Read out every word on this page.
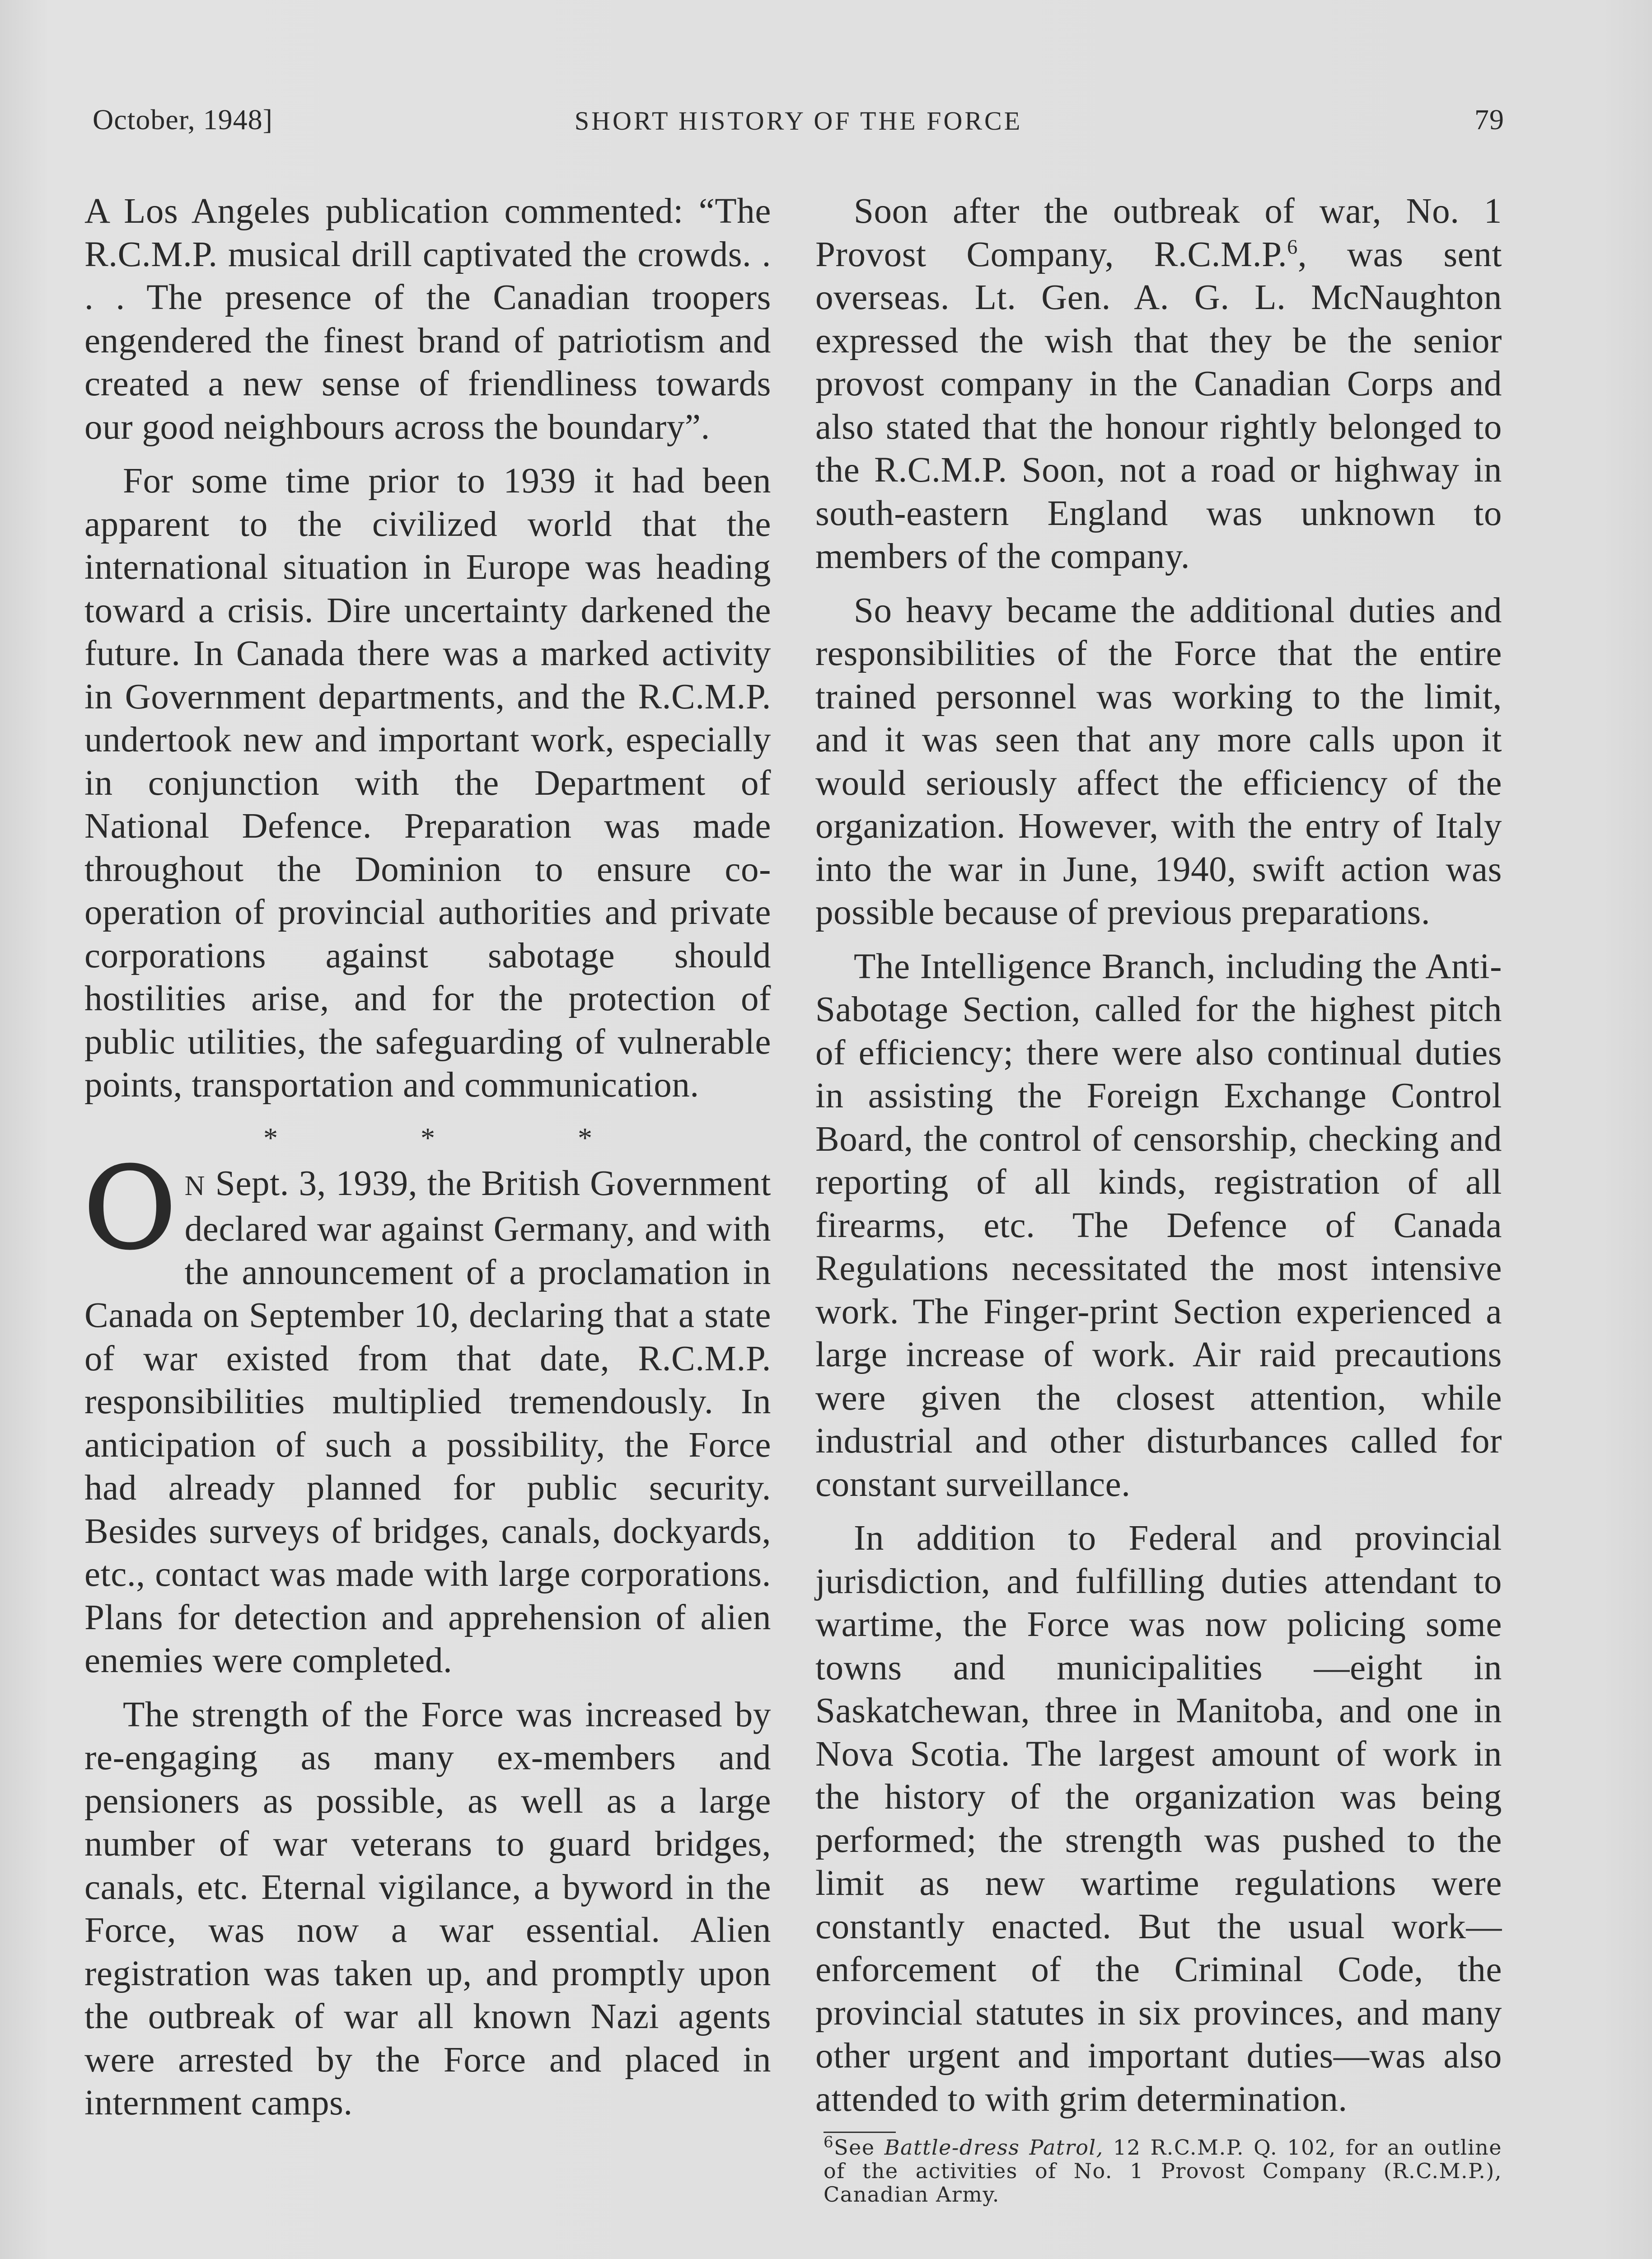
October, 1948]	SHORT HISTORY OF THE FORCE	79

A Los Angeles publication commented: “The R.C.M.P. musical drill captivated the crowds. . . . The presence of the Canadian troopers engendered the finest brand of patriotism and created a new sense of friendliness towards our good neighbours across the boundary”.

For some time prior to 1939 it had been apparent to the civilized world that the international situation in Europe was heading toward a crisis. Dire uncertainty darkened the future. In Canada there was a marked activity in Government departments, and the R.C.M.P. undertook new and important work, especially in conjunction with the Department of National Defence. Preparation was made throughout the Dominion to ensure co-operation of provincial authorities and private corporations against sabotage should hostilities arise, and for the protection of public utilities, the safeguarding of vulnerable points, transportation and communication.

* * *

O N Sept. 3, 1939, the British Government declared war against Germany, and with the announcement of a proclamation in Canada on September 10, declaring that a state of war existed from that date, R.C.M.P. responsibilities multiplied tremendously. In anticipation of such a possibility, the Force had already planned for public security. Besides surveys of bridges, canals, dockyards, etc., contact was made with large corporations. Plans for detection and apprehension of alien enemies were completed.

The strength of the Force was increased by re-engaging as many ex-members and pensioners as possible, as well as a large number of war veterans to guard bridges, canals, etc. Eternal vigilance, a byword in the Force, was now a war essential. Alien registration was taken up, and promptly upon the outbreak of war all known Nazi agents were arrested by the Force and placed in internment camps.

Soon after the outbreak of war, No. 1 Provost Company, R.C.M.P.$^6$, was sent overseas. Lt. Gen. A. G. L. McNaughton expressed the wish that they be the senior provost company in the Canadian Corps and also stated that the honour rightly belonged to the R.C.M.P. Soon, not a road or highway in south-eastern England was unknown to members of the company.

So heavy became the additional duties and responsibilities of the Force that the entire trained personnel was working to the limit, and it was seen that any more calls upon it would seriously affect the efficiency of the organization. However, with the entry of Italy into the war in June, 1940, swift action was possible because of previous preparations.

The Intelligence Branch, including the Anti-Sabotage Section, called for the highest pitch of efficiency; there were also continual duties in assisting the Foreign Exchange Control Board, the control of censorship, checking and reporting of all kinds, registration of all firearms, etc. The Defence of Canada Regulations necessitated the most intensive work. The Finger-print Section experienced a large increase of work. Air raid precautions were given the closest attention, while industrial and other disturbances called for constant surveillance.

In addition to Federal and provincial jurisdiction, and fulfilling duties attendant to wartime, the Force was now policing some towns and municipalities —eight in Saskatchewan, three in Manitoba, and one in Nova Scotia. The largest amount of work in the history of the organization was being performed; the strength was pushed to the limit as new wartime regulations were constantly enacted. But the usual work—enforcement of the Criminal Code, the provincial statutes in six provinces, and many other urgent and important duties—was also attended to with grim determination.

$^6$See Battle-dress Patrol, 12 R.C.M.P. Q. 102, for an outline of the activities of No. 1 Provost Company (R.C.M.P.), Canadian Army.
